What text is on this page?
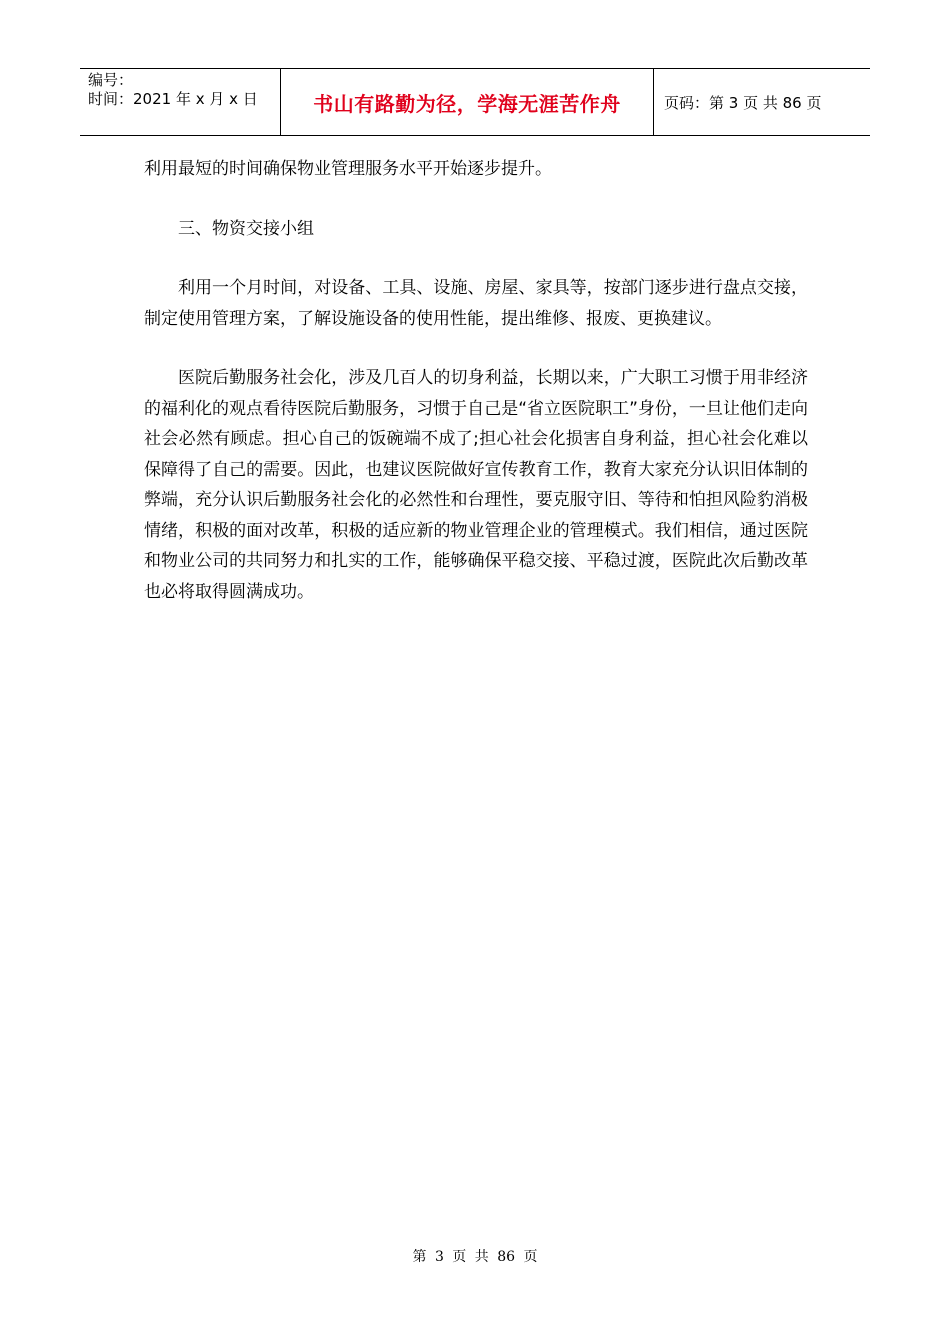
编号：
时间：2021 年 x 月 x 日	书山有路勤为径，学海无涯苦作舟	页码：第 3 页 共 86 页

利用最短的时间确保物业管理服务水平开始逐步提升。

三、物资交接小组

利用一个月时间，对设备、工具、设施、房屋、家具等，按部门逐步进行盘点交接，制定使用管理方案，了解设施设备的使用性能，提出维修、报废、更换建议。

医院后勤服务社会化，涉及几百人的切身利益，长期以来，广大职工习惯于用非经济的福利化的观点看待医院后勤服务，习惯于自己是“省立医院职工”身份，一旦让他们走向社会必然有顾虑。担心自己的饭碗端不成了;担心社会化损害自身利益，担心社会化难以保障得了自己的需要。因此，也建议医院做好宣传教育工作，教育大家充分认识旧体制的弊端，充分认识后勤服务社会化的必然性和台理性，要克服守旧、等待和怕担风险豹消极情绪，积极的面对改革，积极的适应新的物业管理企业的管理模式。我们相信，通过医院和物业公司的共同努力和扎实的工作，能够确保平稳交接、平稳过渡，医院此次后勤改革也必将取得圆满成功。

第 3 页 共 86 页
